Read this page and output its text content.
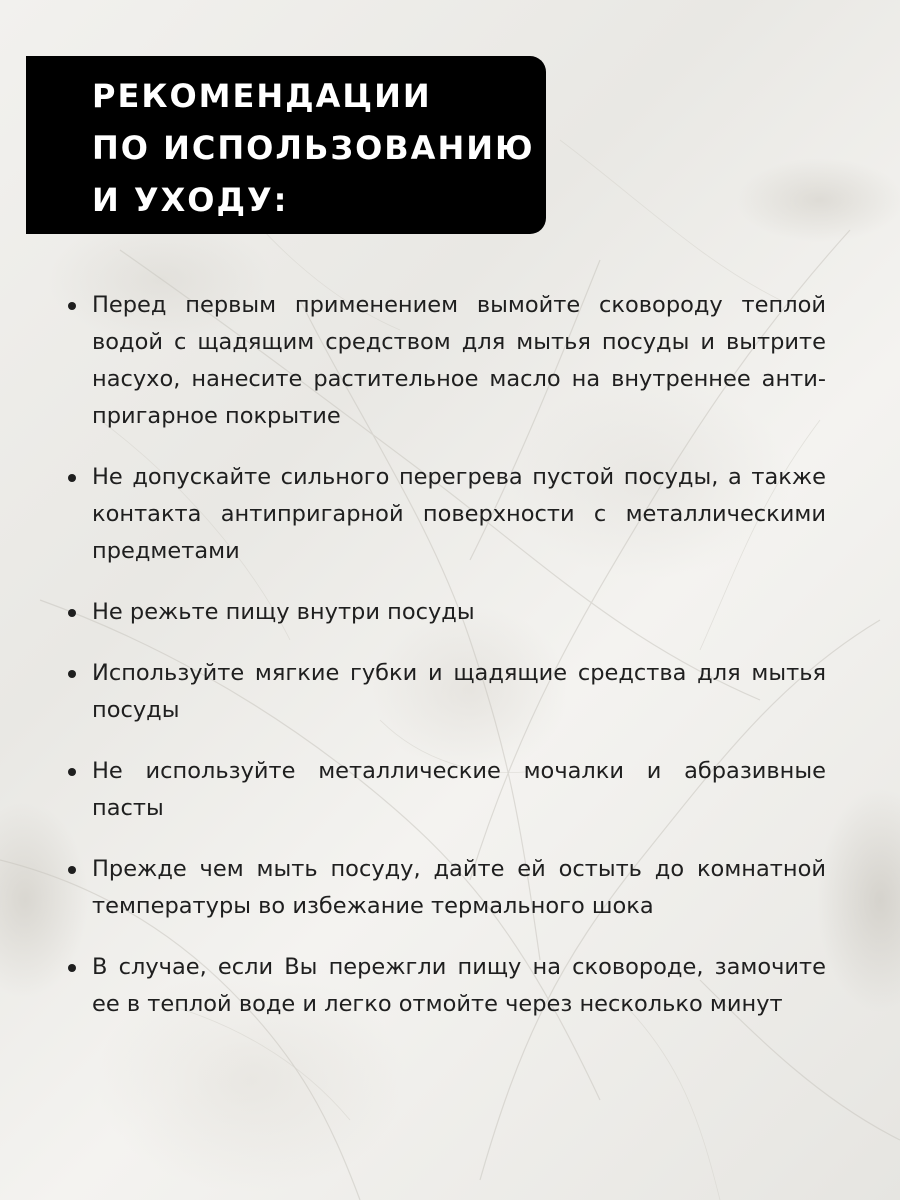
РЕКОМЕНДАЦИИ
ПО ИСПОЛЬЗОВАНИЮ
И УХОДУ:
Перед первым применением вымойте сковороду теплой водой с щадящим средством для мытья посуды и вытрите насухо, нанесите растительное масло на внутреннее анти-пригарное покрытие
Не допускайте сильного перегрева пустой посуды, а также контакта антипригарной поверхности с металлическими предметами
Не режьте пищу внутри посуды
Используйте мягкие губки и щадящие средства для мытья посуды
Не используйте металлические мочалки и абразивные пасты
Прежде чем мыть посуду, дайте ей остыть до комнатной температуры во избежание термального шока
В случае, если Вы пережгли пищу на сковороде, замочите ее в теплой воде и легко отмойте через несколько минут
